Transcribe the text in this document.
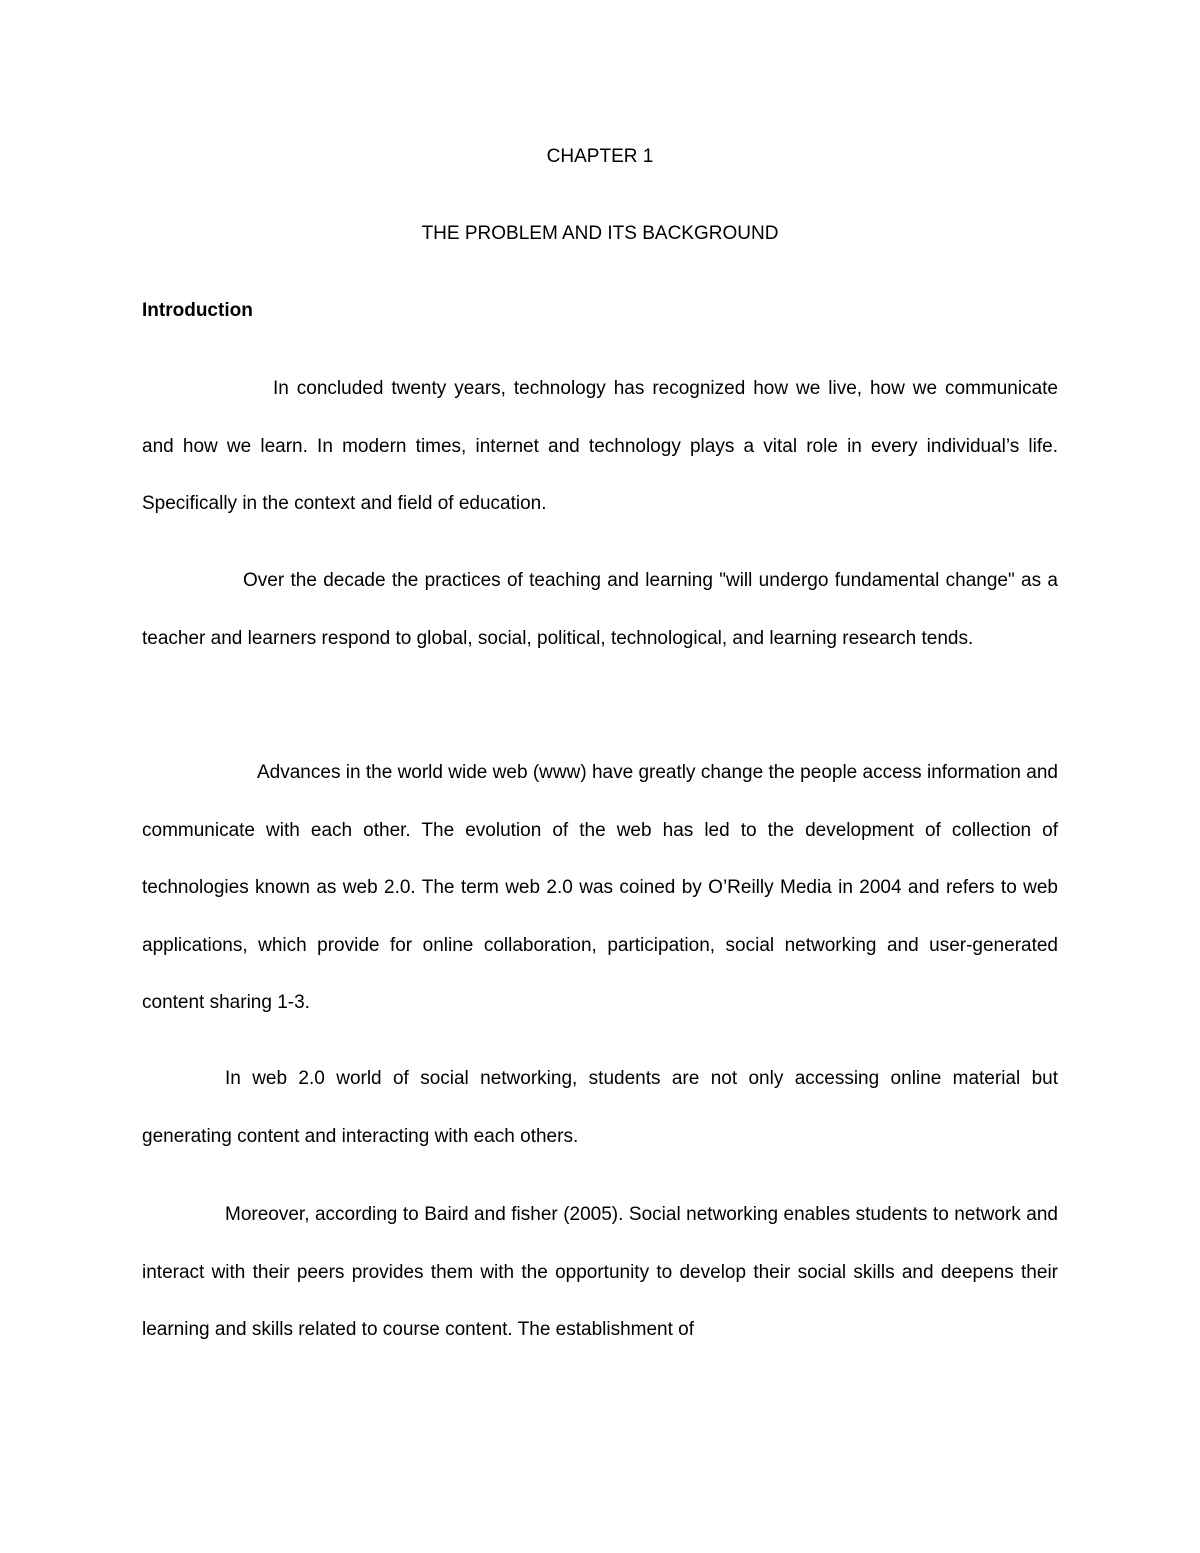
CHAPTER 1
THE PROBLEM AND ITS BACKGROUND
Introduction

In concluded twenty years, technology has recognized how we live, how we communicate and how we learn. In modern times, internet and technology plays a vital role in every individual’s life. Specifically in the context and field of education.

Over the decade the practices of teaching and learning "will undergo fundamental change" as a teacher and learners respond to global, social, political, technological, and learning research tends.

Advances in the world wide web (www) have greatly change the people access information and communicate with each other. The evolution of the web has led to the development of collection of technologies known as web 2.0. The term web 2.0 was coined by O’Reilly Media in 2004 and refers to web applications, which provide for online collaboration, participation, social networking and user-generated content sharing 1-3.

In web 2.0 world of social networking, students are not only accessing online material but generating content and interacting with each others.

Moreover, according to Baird and fisher (2005). Social networking enables students to network and interact with their peers provides them with the opportunity to develop their social skills and deepens their learning and skills related to course content. The establishment of
